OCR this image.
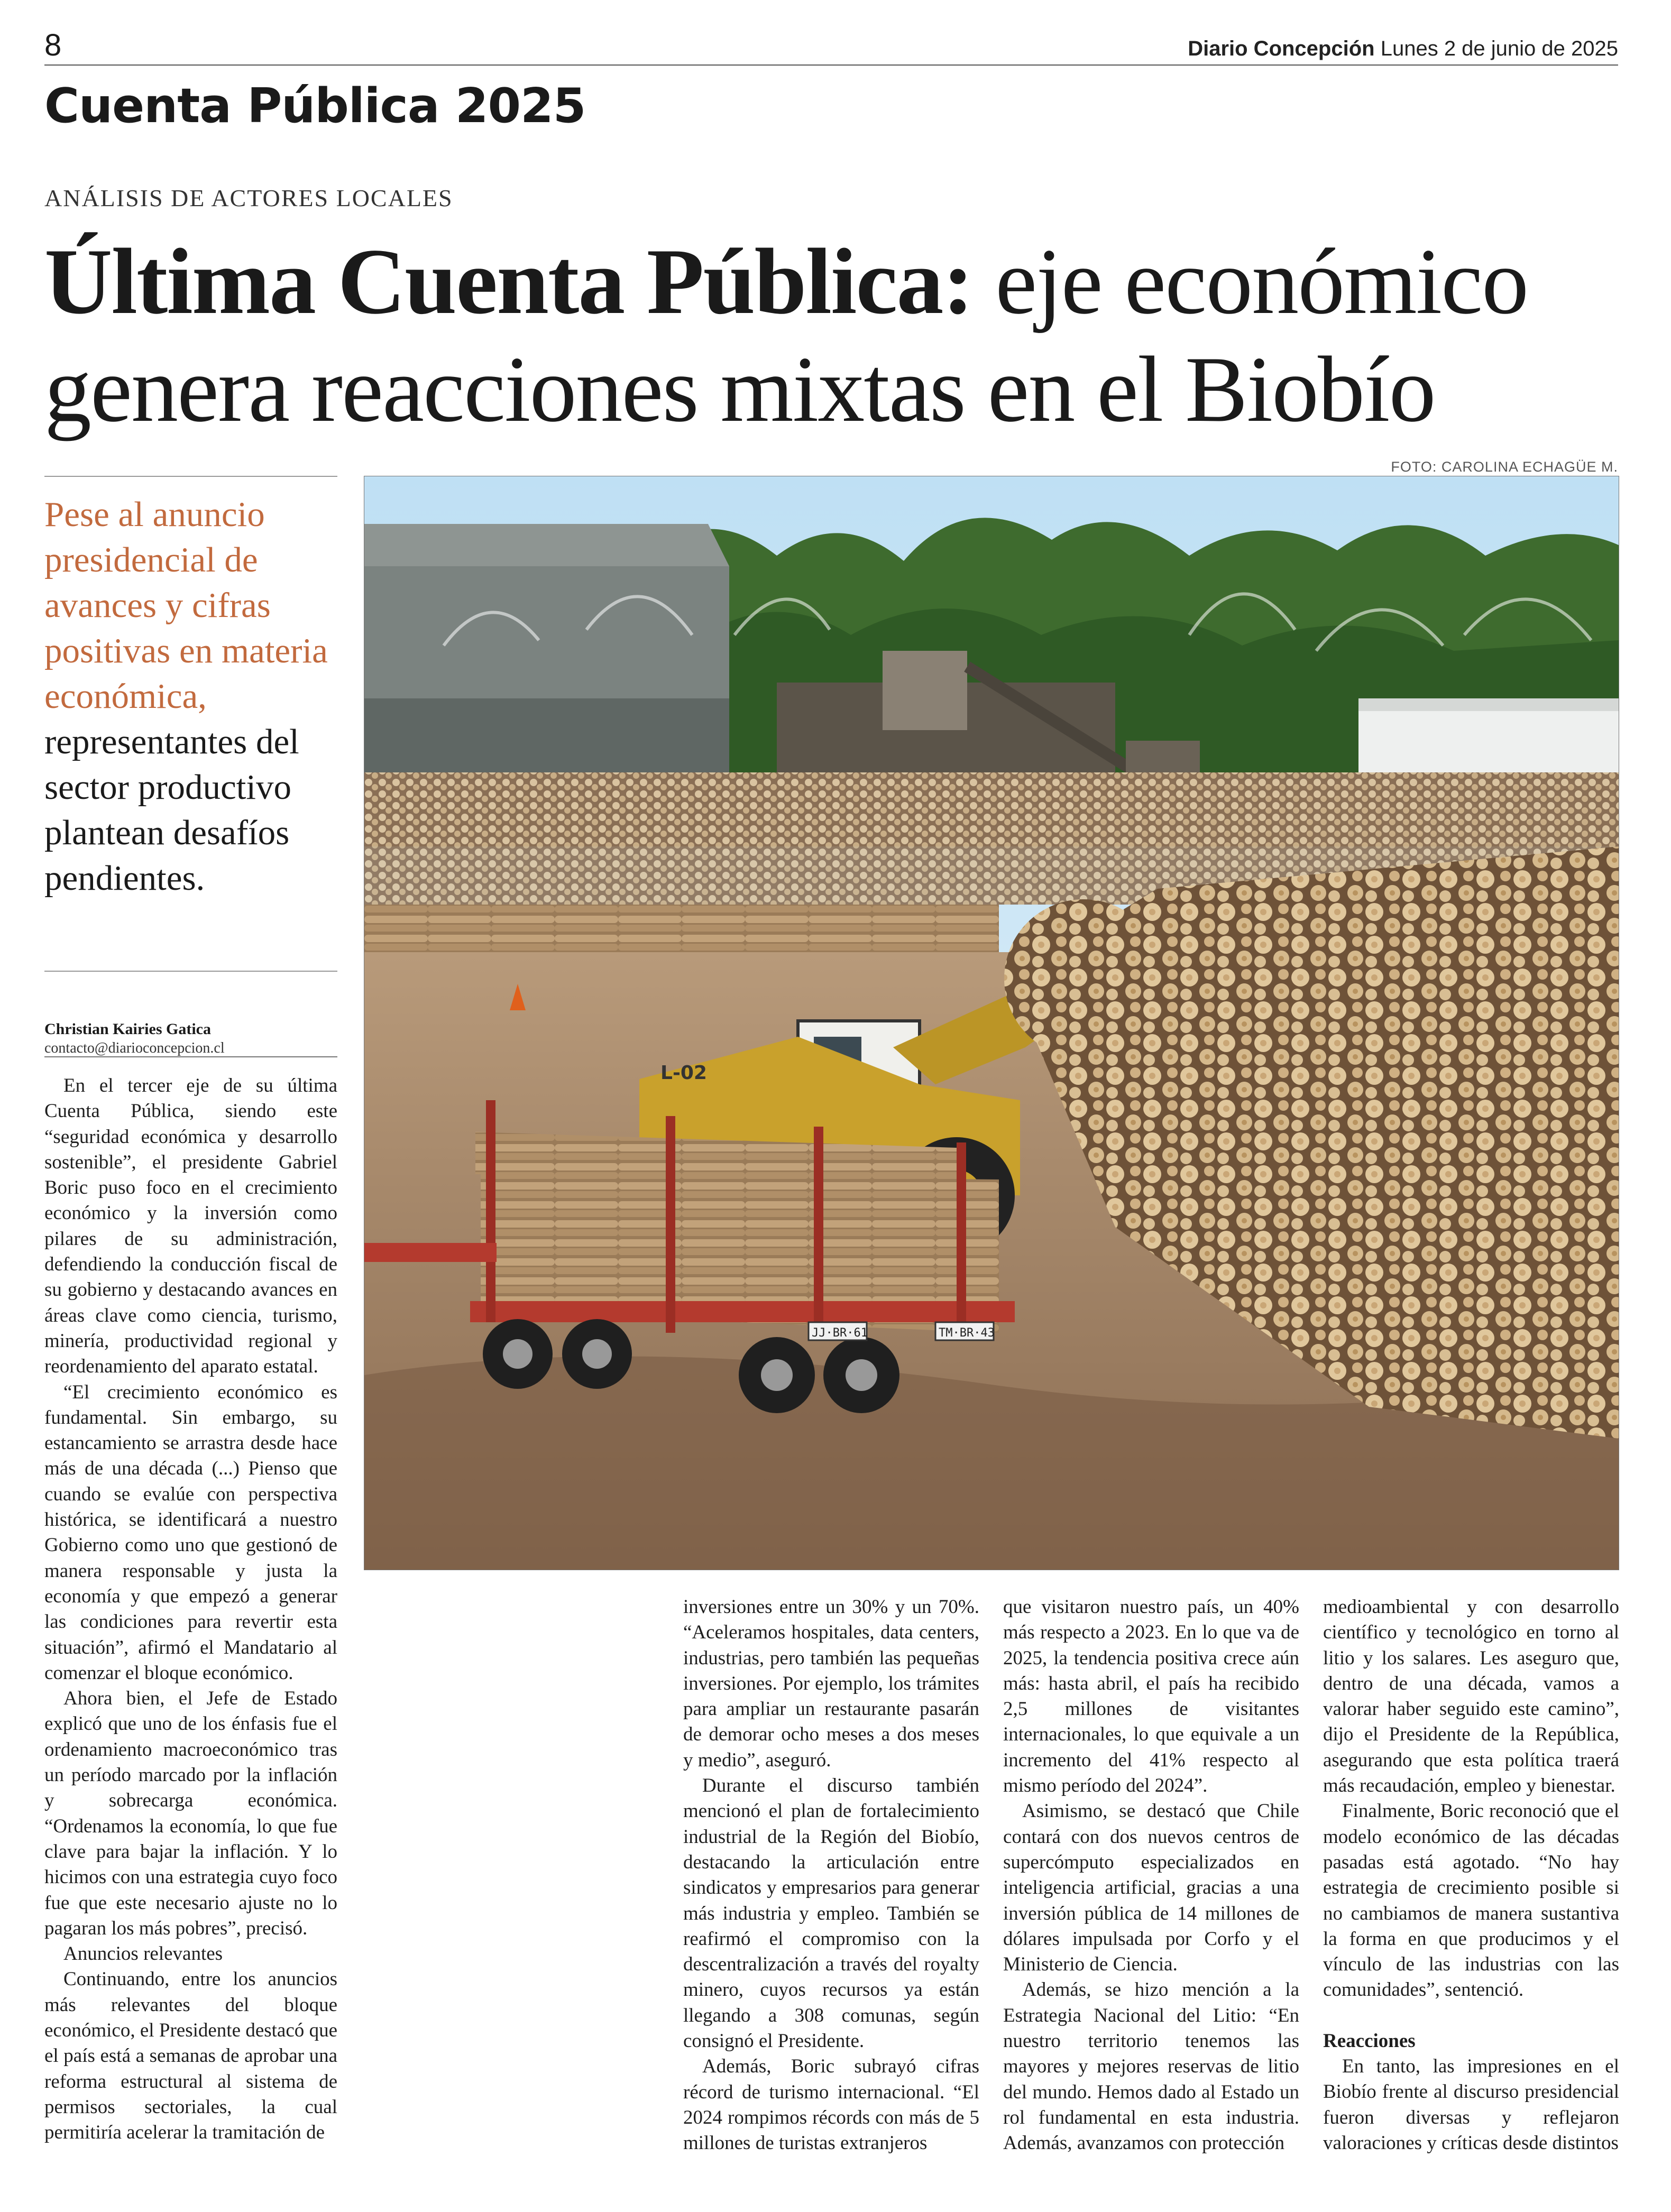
8	Diario Concepción Lunes 2 de junio de 2025
Cuenta Pública 2025
ANÁLISIS DE ACTORES LOCALES
Última Cuenta Pública: eje económico genera reacciones mixtas en el Biobío
Pese al anuncio presidencial de avances y cifras positivas en materia económica, representantes del sector productivo plantean desafíos pendientes.
Christian Kairies Gatica
contacto@diarioconcepcion.cl
FOTO: CAROLINA ECHAGÜE M.
L-02
JJ·BR·61	TM·BR·43

En el tercer eje de su última Cuenta Pública, siendo este “seguridad económica y desarrollo sostenible”, el presidente Gabriel Boric puso foco en el crecimiento económico y la inversión como pilares de su administración, defendiendo la conducción fiscal de su gobierno y destacando avances en áreas clave como ciencia, turismo, minería, productividad regional y reordenamiento del aparato estatal.

“El crecimiento económico es fundamental. Sin embargo, su estancamiento se arrastra desde hace más de una década (...) Pienso que cuando se evalúe con perspectiva histórica, se identificará a nuestro Gobierno como uno que gestionó de manera responsable y justa la economía y que empezó a generar las condiciones para revertir esta situación”, afirmó el Mandatario al comenzar el bloque económico.

Ahora bien, el Jefe de Estado explicó que uno de los énfasis fue el ordenamiento macroeconómico tras un período marcado por la inflación y sobrecarga económica. “Ordenamos la economía, lo que fue clave para bajar la inflación. Y lo hicimos con una estrategia cuyo foco fue que este necesario ajuste no lo pagaran los más pobres”, precisó.

Anuncios relevantes

Continuando, entre los anuncios más relevantes del bloque económico, el Presidente destacó que el país está a semanas de aprobar una reforma estructural al sistema de permisos sectoriales, la cual permitiría acelerar la tramitación de

inversiones entre un 30% y un 70%. “Aceleramos hospitales, data centers, industrias, pero también las pequeñas inversiones. Por ejemplo, los trámites para ampliar un restaurante pasarán de demorar ocho meses a dos meses y medio”, aseguró.

Durante el discurso también mencionó el plan de fortalecimiento industrial de la Región del Biobío, destacando la articulación entre sindicatos y empresarios para generar más industria y empleo. También se reafirmó el compromiso con la descentralización a través del royalty minero, cuyos recursos ya están llegando a 308 comunas, según consignó el Presidente.

Además, Boric subrayó cifras récord de turismo internacional. “El 2024 rompimos récords con más de 5 millones de turistas extranjeros

que visitaron nuestro país, un 40% más respecto a 2023. En lo que va de 2025, la tendencia positiva crece aún más: hasta abril, el país ha recibido 2,5 millones de visitantes internacionales, lo que equivale a un incremento del 41% respecto al mismo período del 2024”.

Asimismo, se destacó que Chile contará con dos nuevos centros de supercómputo especializados en inteligencia artificial, gracias a una inversión pública de 14 millones de dólares impulsada por Corfo y el Ministerio de Ciencia.

Además, se hizo mención a la Estrategia Nacional del Litio: “En nuestro territorio tenemos las mayores y mejores reservas de litio del mundo. Hemos dado al Estado un rol fundamental en esta industria. Además, avanzamos con protección

medioambiental y con desarrollo científico y tecnológico en torno al litio y los salares. Les aseguro que, dentro de una década, vamos a valorar haber seguido este camino”, dijo el Presidente de la República, asegurando que esta política traerá más recaudación, empleo y bienestar.

Finalmente, Boric reconoció que el modelo económico de las décadas pasadas está agotado. “No hay estrategia de crecimiento posible si no cambiamos de manera sustantiva la forma en que producimos y el vínculo de las industrias con las comunidades”, sentenció.

Reacciones

En tanto, las impresiones en el Biobío frente al discurso presidencial fueron diversas y reflejaron valoraciones y críticas desde distintos
